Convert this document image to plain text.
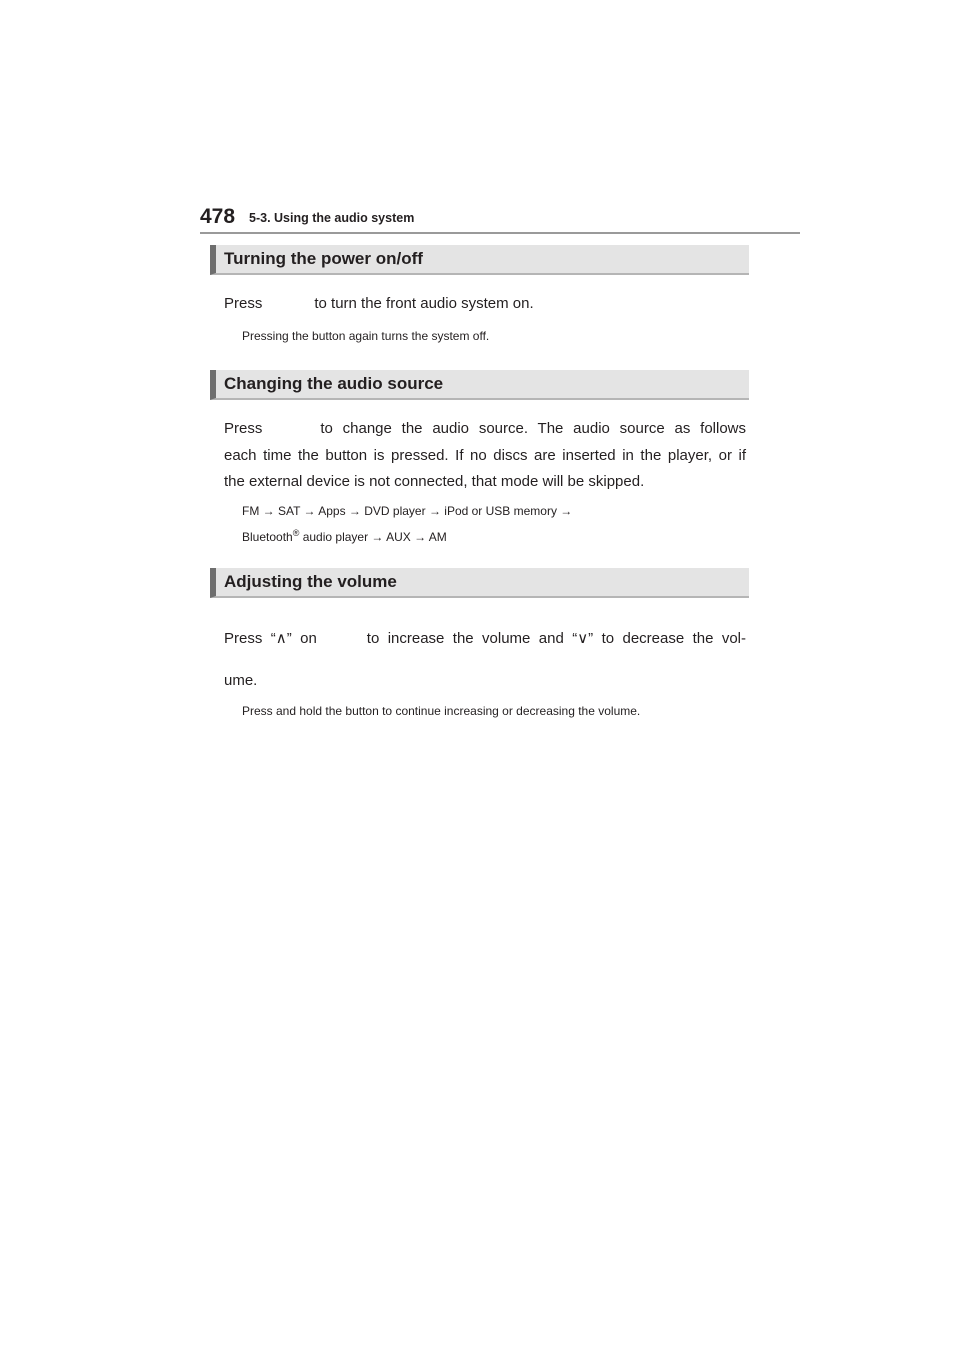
478 5-3. Using the audio system
Turning the power on/off
Press	to turn the front audio system on.
Pressing the button again turns the system off.
Changing the audio source
Press	to change the audio source. The audio source as follows
each time the button is pressed. If no discs are inserted in the player, or if
the external device is not connected, that mode will be skipped.
FM → SAT → Apps → DVD player → iPod or USB memory →
Bluetooth® audio player → AUX → AM
Adjusting the volume
Press “∧” on	to increase the volume and “∨” to decrease the vol-
ume.
Press and hold the button to continue increasing or decreasing the volume.
